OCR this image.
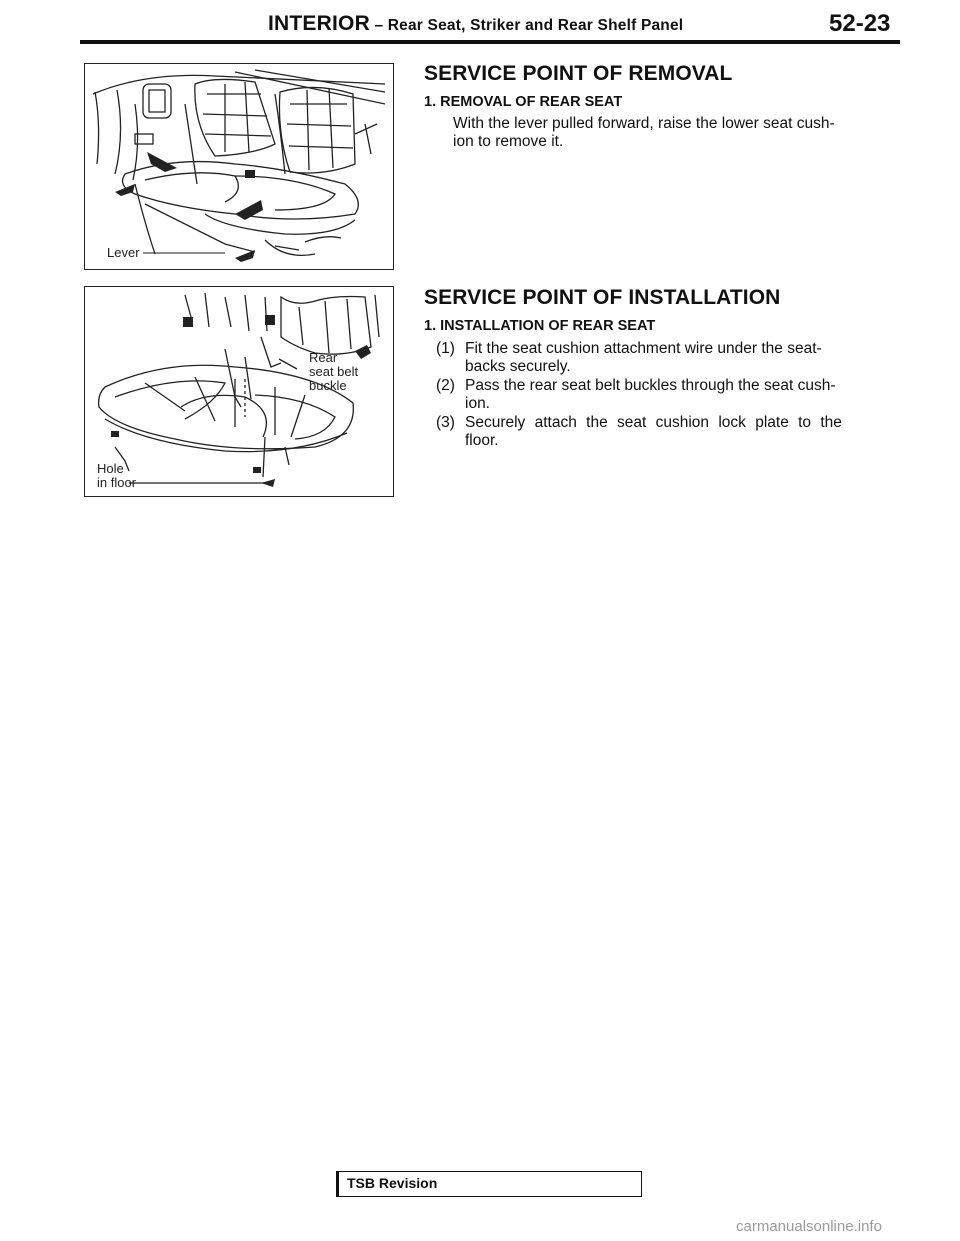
INTERIOR – Rear Seat, Striker and Rear Shelf Panel	52-23
Lever
Rear
seat belt
buckle
Hole
in floor
SERVICE POINT OF REMOVAL
1. REMOVAL OF REAR SEAT
With the lever pulled forward, raise the lower seat cush-
ion to remove it.
SERVICE POINT OF INSTALLATION
1. INSTALLATION OF REAR SEAT
(1) Fit the seat cushion attachment wire under the seat-
backs securely.
(2) Pass the rear seat belt buckles through the seat cush-
ion.
(3) Securely attach the seat cushion lock plate to the
floor.
TSB Revision
carmanualsonline.info
